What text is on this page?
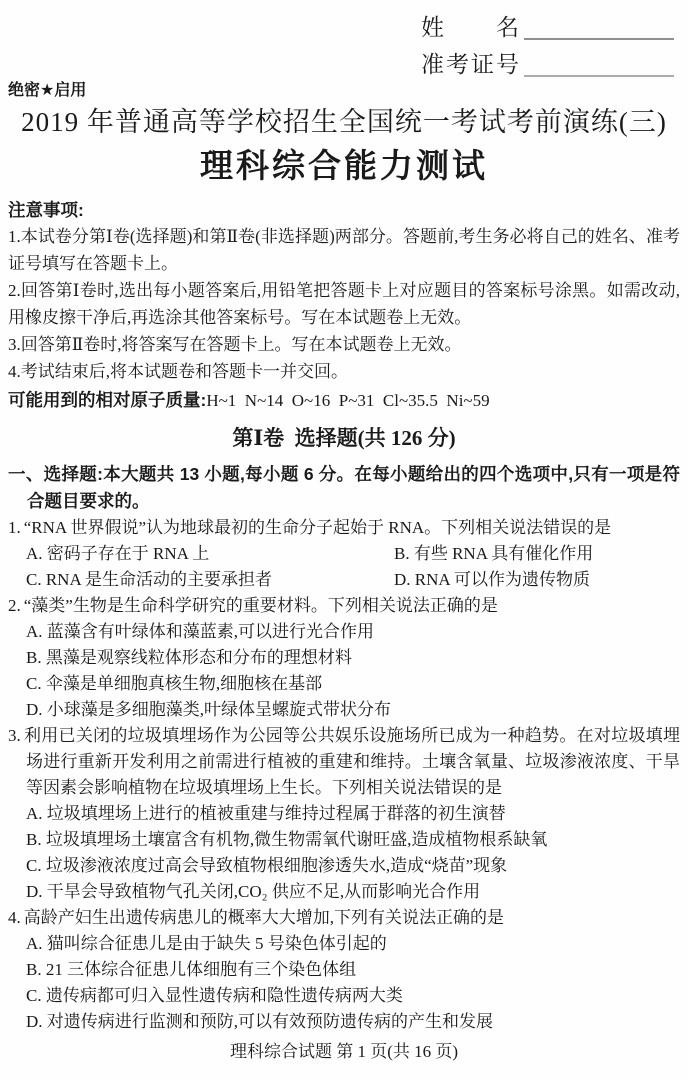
姓　　名
准考证号
绝密★启用
2019 年普通高等学校招生全国统一考试考前演练(三)
理科综合能力测试
注意事项:

1.本试卷分第Ⅰ卷(选择题)和第Ⅱ卷(非选择题)两部分。答题前,考生务必将自己的姓名、准考证号填写在答题卡上。

2.回答第Ⅰ卷时,选出每小题答案后,用铅笔把答题卡上对应题目的答案标号涂黑。如需改动,用橡皮擦干净后,再选涂其他答案标号。写在本试题卷上无效。

3.回答第Ⅱ卷时,将答案写在答题卡上。写在本试题卷上无效。

4.考试结束后,将本试题卷和答题卡一并交回。

可能用到的相对原子质量:H~1  N~14  O~16  P~31  Cl~35.5  Ni~59

第Ⅰ卷  选择题(共 126 分)

一、选择题:本大题共 13 小题,每小题 6 分。在每小题给出的四个选项中,只有一项是符合题目要求的。

1. “RNA 世界假说”认为地球最初的生命分子起始于 RNA。下列相关说法错误的是

A. 密码子存在于 RNA 上	B. 有些 RNA 具有催化作用
C. RNA 是生命活动的主要承担者	D. RNA 可以作为遗传物质

2. “藻类”生物是生命科学研究的重要材料。下列相关说法正确的是

A. 蓝藻含有叶绿体和藻蓝素,可以进行光合作用
B. 黑藻是观察线粒体形态和分布的理想材料
C. 伞藻是单细胞真核生物,细胞核在基部
D. 小球藻是多细胞藻类,叶绿体呈螺旋式带状分布

3. 利用已关闭的垃圾填埋场作为公园等公共娱乐设施场所已成为一种趋势。在对垃圾填埋场进行重新开发利用之前需进行植被的重建和维持。土壤含氧量、垃圾渗液浓度、干旱等因素会影响植物在垃圾填埋场上生长。下列相关说法错误的是

A. 垃圾填埋场上进行的植被重建与维持过程属于群落的初生演替
B. 垃圾填埋场土壤富含有机物,微生物需氧代谢旺盛,造成植物根系缺氧
C. 垃圾渗液浓度过高会导致植物根细胞渗透失水,造成“烧苗”现象
D. 干旱会导致植物气孔关闭,CO₂ 供应不足,从而影响光合作用

4. 高龄产妇生出遗传病患儿的概率大大增加,下列有关说法正确的是

A. 猫叫综合征患儿是由于缺失 5 号染色体引起的
B. 21 三体综合征患儿体细胞有三个染色体组
C. 遗传病都可归入显性遗传病和隐性遗传病两大类
D. 对遗传病进行监测和预防,可以有效预防遗传病的产生和发展
理科综合试题 第 1 页(共 16 页)
